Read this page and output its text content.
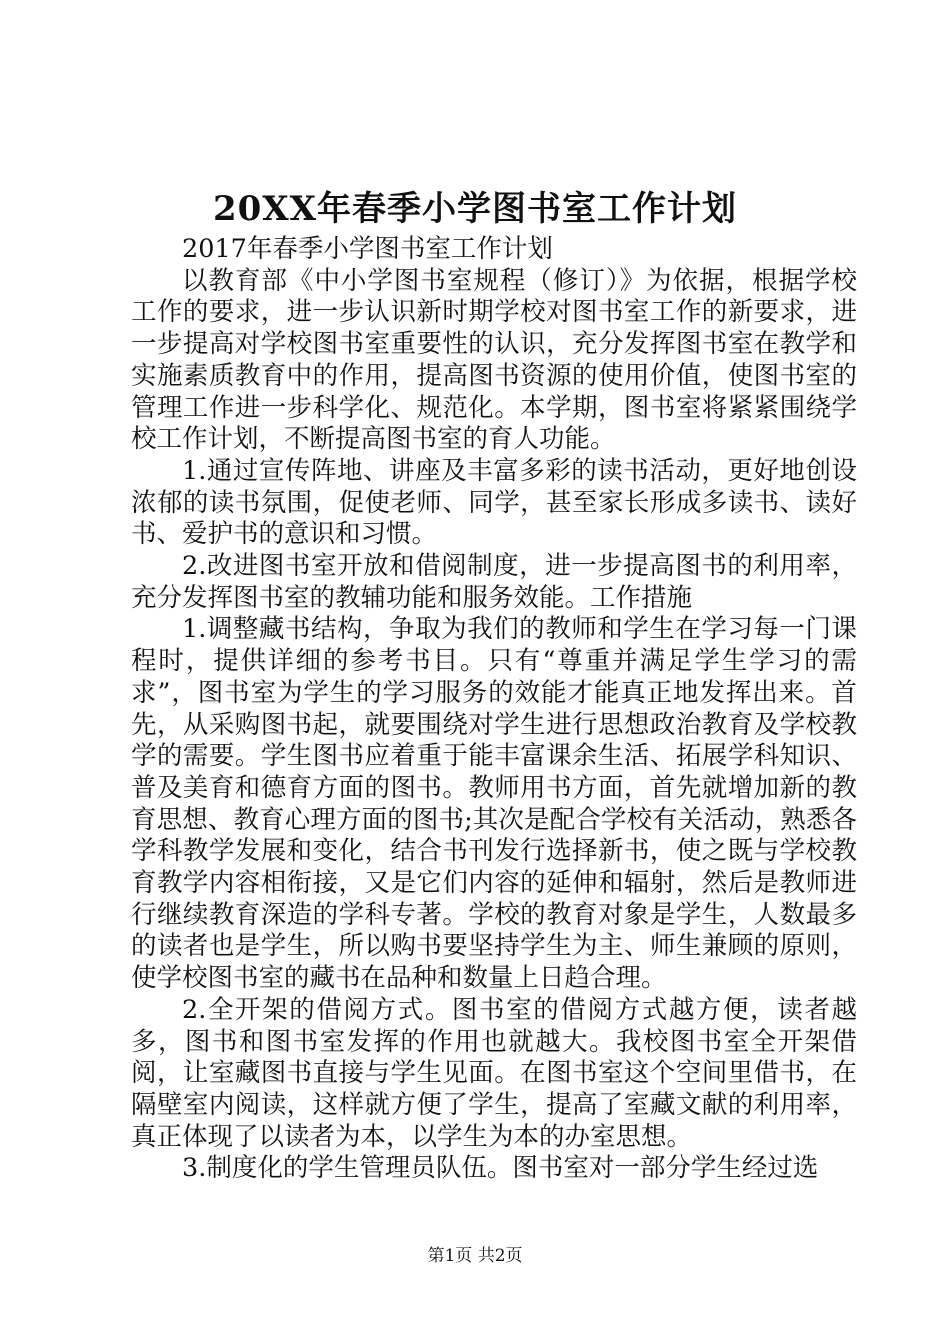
20XX年春季小学图书室工作计划

2017年春季小学图书室工作计划

以教育部《中小学图书室规程（修订）》为依据，根据学校工作的要求，进一步认识新时期学校对图书室工作的新要求，进一步提高对学校图书室重要性的认识，充分发挥图书室在教学和实施素质教育中的作用，提高图书资源的使用价值，使图书室的管理工作进一步科学化、规范化。本学期，图书室将紧紧围绕学校工作计划，不断提高图书室的育人功能。

1.通过宣传阵地、讲座及丰富多彩的读书活动，更好地创设浓郁的读书氛围，促使老师、同学，甚至家长形成多读书、读好书、爱护书的意识和习惯。

2.改进图书室开放和借阅制度，进一步提高图书的利用率，充分发挥图书室的教辅功能和服务效能。工作措施

1.调整藏书结构，争取为我们的教师和学生在学习每一门课程时，提供详细的参考书目。只有“尊重并满足学生学习的需求”，图书室为学生的学习服务的效能才能真正地发挥出来。首先，从采购图书起，就要围绕对学生进行思想政治教育及学校教学的需要。学生图书应着重于能丰富课余生活、拓展学科知识、普及美育和德育方面的图书。教师用书方面，首先就增加新的教育思想、教育心理方面的图书;其次是配合学校有关活动，熟悉各学科教学发展和变化，结合书刊发行选择新书，使之既与学校教育教学内容相衔接，又是它们内容的延伸和辐射，然后是教师进行继续教育深造的学科专著。学校的教育对象是学生，人数最多的读者也是学生，所以购书要坚持学生为主、师生兼顾的原则，使学校图书室的藏书在品种和数量上日趋合理。

2.全开架的借阅方式。图书室的借阅方式越方便，读者越多，图书和图书室发挥的作用也就越大。我校图书室全开架借阅，让室藏图书直接与学生见面。在图书室这个空间里借书，在隔壁室内阅读，这样就方便了学生，提高了室藏文献的利用率，真正体现了以读者为本，以学生为本的办室思想。

3.制度化的学生管理员队伍。图书室对一部分学生经过选

第1页 共2页
